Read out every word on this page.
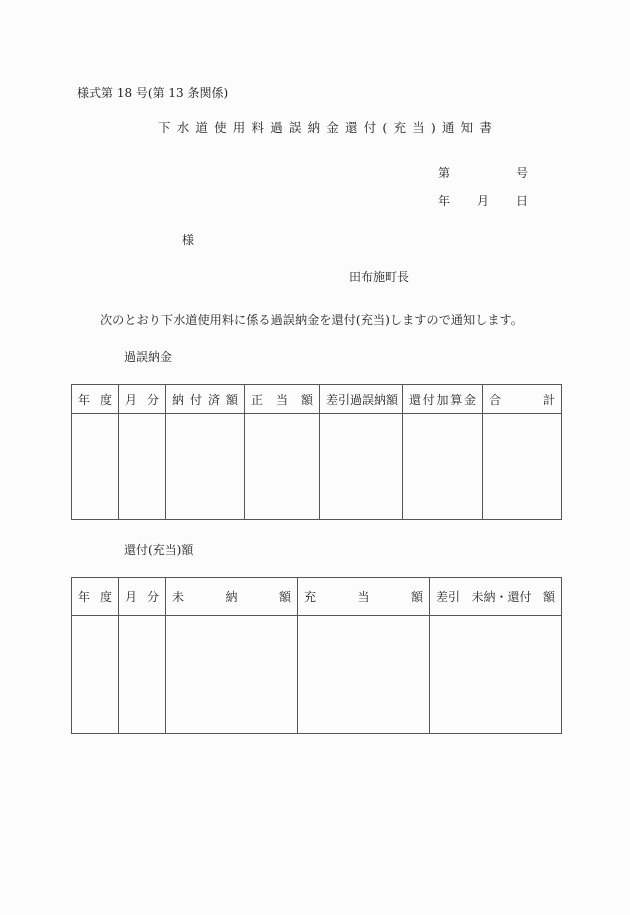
様式第 18 号(第 13 条関係)
下水道使用料過誤納金還付(充当)通知書
第	号
年 月 日
様
田布施町長
次のとおり下水道使用料に係る過誤納金を還付(充当)しますので通知します。
過誤納金
年 度	月 分	納 付 済 額	正 当 額	差引過誤納額	還 付 加 算 金	合 計

還付(充当)額
年 度	月 分	未 納 額	充 当 額	差引 未納・還付 額
